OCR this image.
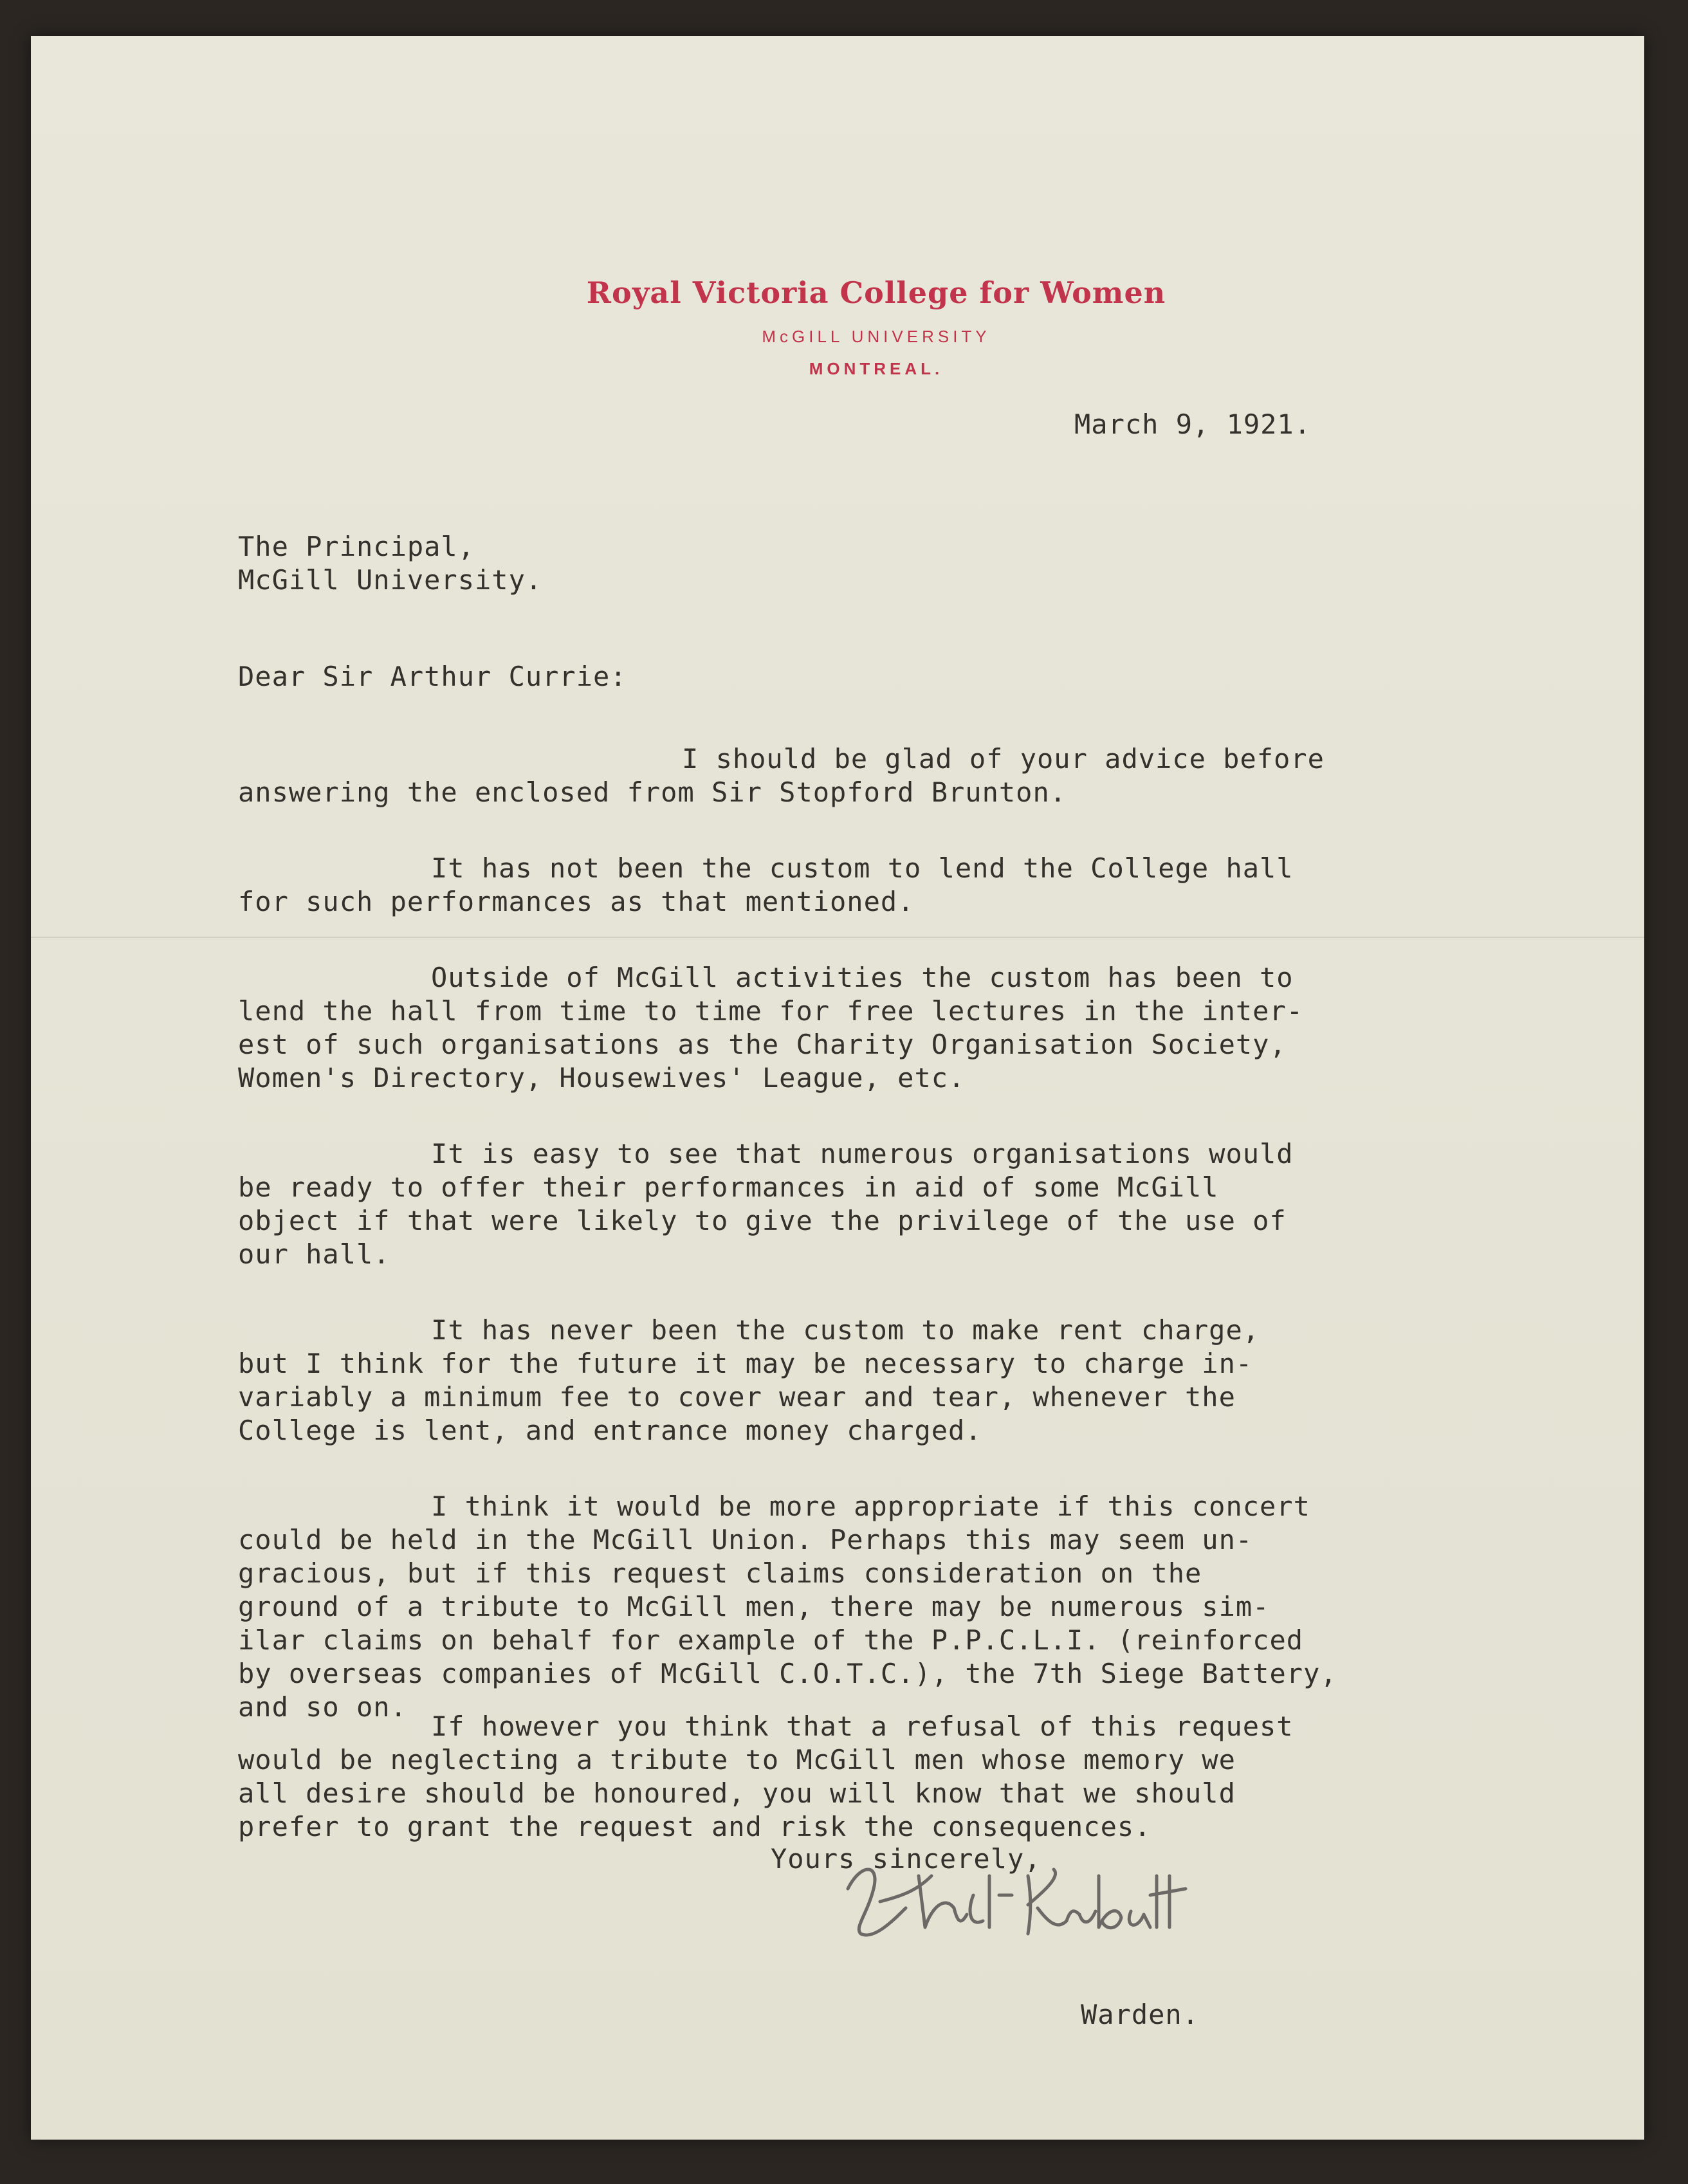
Royal Victoria College for Women
McGILL UNIVERSITY
MONTREAL.
March 9, 1921.
The Principal,
McGill University.
Dear Sir Arthur Currie:
I should be glad of your advice before
answering the enclosed from Sir Stopford Brunton.
It has not been the custom to lend the College hall
for such performances as that mentioned.
Outside of McGill activities the custom has been to
lend the hall from time to time for free lectures in the inter-
est of such organisations as the Charity Organisation Society,
Women's Directory, Housewives' League, etc.
It is easy to see that numerous organisations would
be ready to offer their performances in aid of some McGill
object if that were likely to give the privilege of the use of
our hall.
It has never been the custom to make rent charge,
but I think for the future it may be necessary to charge in-
variably a minimum fee to cover wear and tear, whenever the
College is lent, and entrance money charged.
I think it would be more appropriate if this concert
could be held in the McGill Union. Perhaps this may seem un-
gracious, but if this request claims consideration on the
ground of a tribute to McGill men, there may be numerous sim-
ilar claims on behalf for example of the P.P.C.L.I. (reinforced
by overseas companies of McGill C.O.T.C.), the 7th Siege Battery,
and so on.
If however you think that a refusal of this request
would be neglecting a tribute to McGill men whose memory we
all desire should be honoured, you will know that we should
prefer to grant the request and risk the consequences.
Yours sincerely,
Warden.
